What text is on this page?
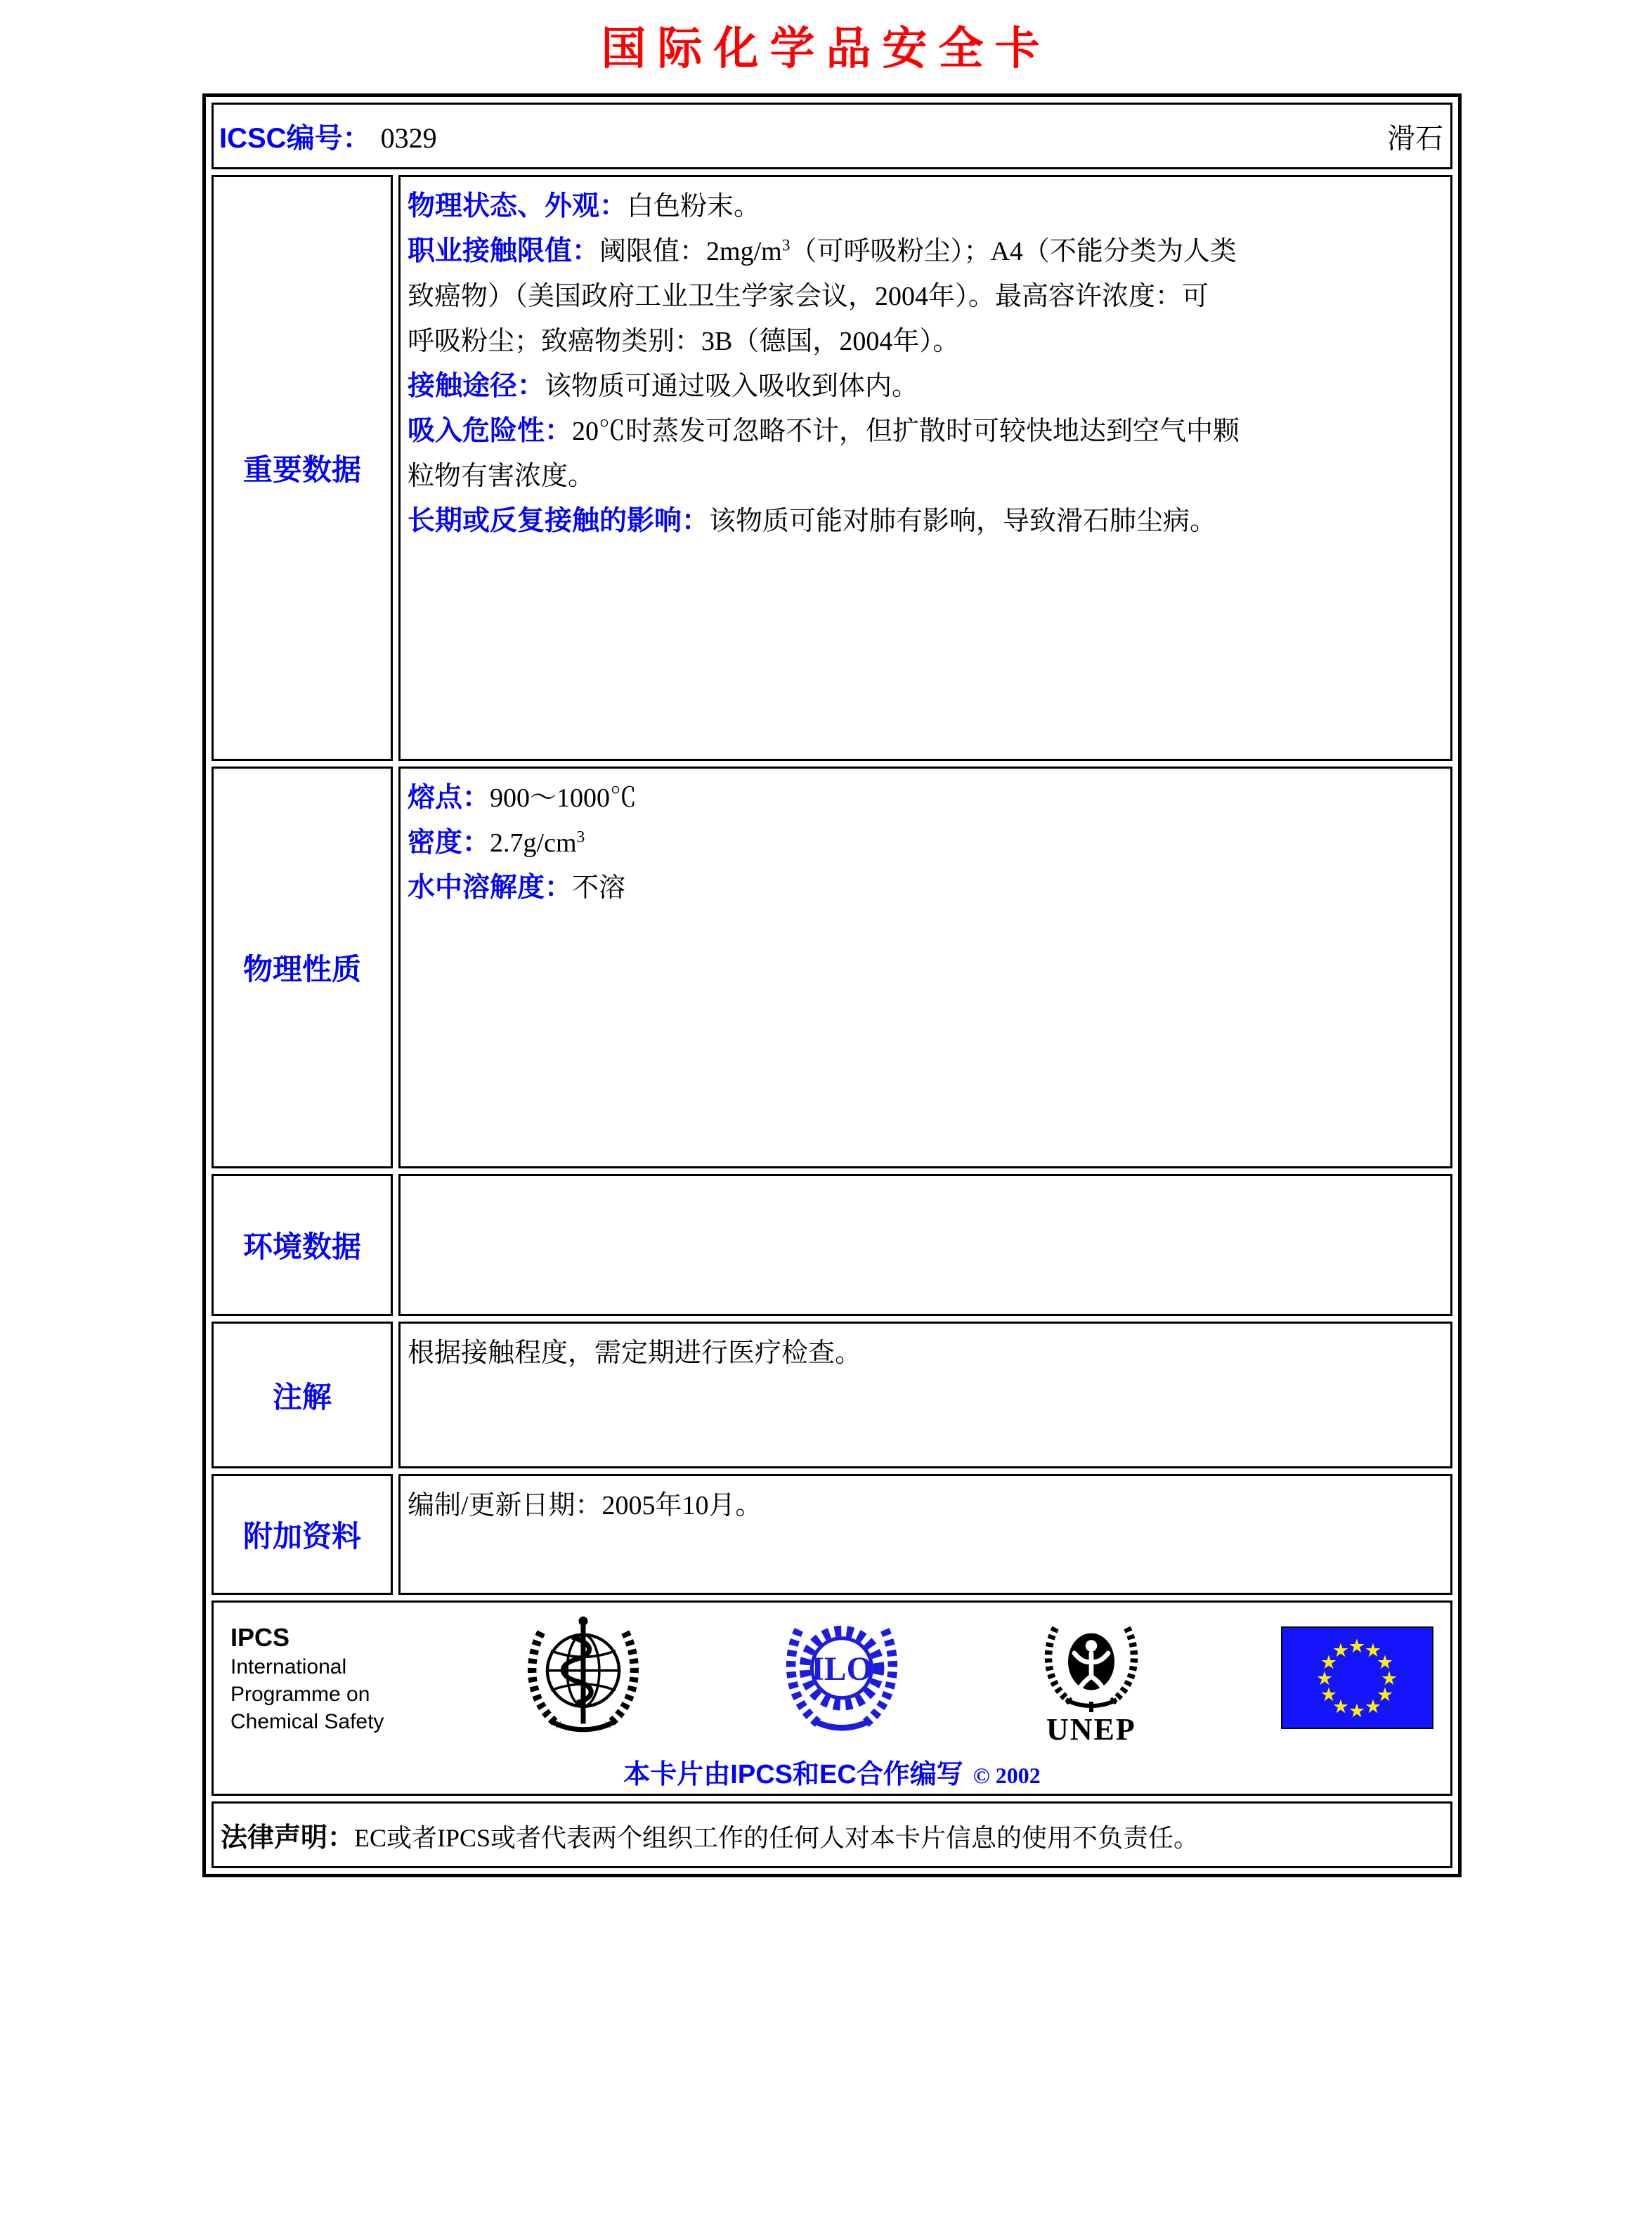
国际化学品安全卡
ICSC编号： 0329 滑石	

重要数据	
物理状态、外观：白色粉末。
职业接触限值：阈限值：$2mg/m^3$（可呼吸粉尘）；A4（不能分类为人类
致癌物）（美国政府工业卫生学家会议，2004年）。最高容许浓度：可
呼吸粉尘；致癌物类别：3B（德国，2004年）。
接触途径：该物质可通过吸入吸收到体内。
吸入危险性：20℃时蒸发可忽略不计，但扩散时可较快地达到空气中颗
粒物有害浓度。
长期或反复接触的影响：该物质可能对肺有影响，导致滑石肺尘病。

物理性质	熔点：900～1000℃
密度：$2.7g/cm^3$
水中溶解度：不溶

环境数据	
注解	根据接触程度，需定期进行医疗检查。

附加资料	编制/更新日期：2005年10月。

IPCS
International
Programme on
Chemical Safety
ILO
UNEP
★
★
★
★
★
★
★
★
★
★
★
★
本卡片由IPCS和EC合作编写 © 2002

法律声明：EC或者IPCS或者代表两个组织工作的任何人对本卡片信息的使用不负责任。	
